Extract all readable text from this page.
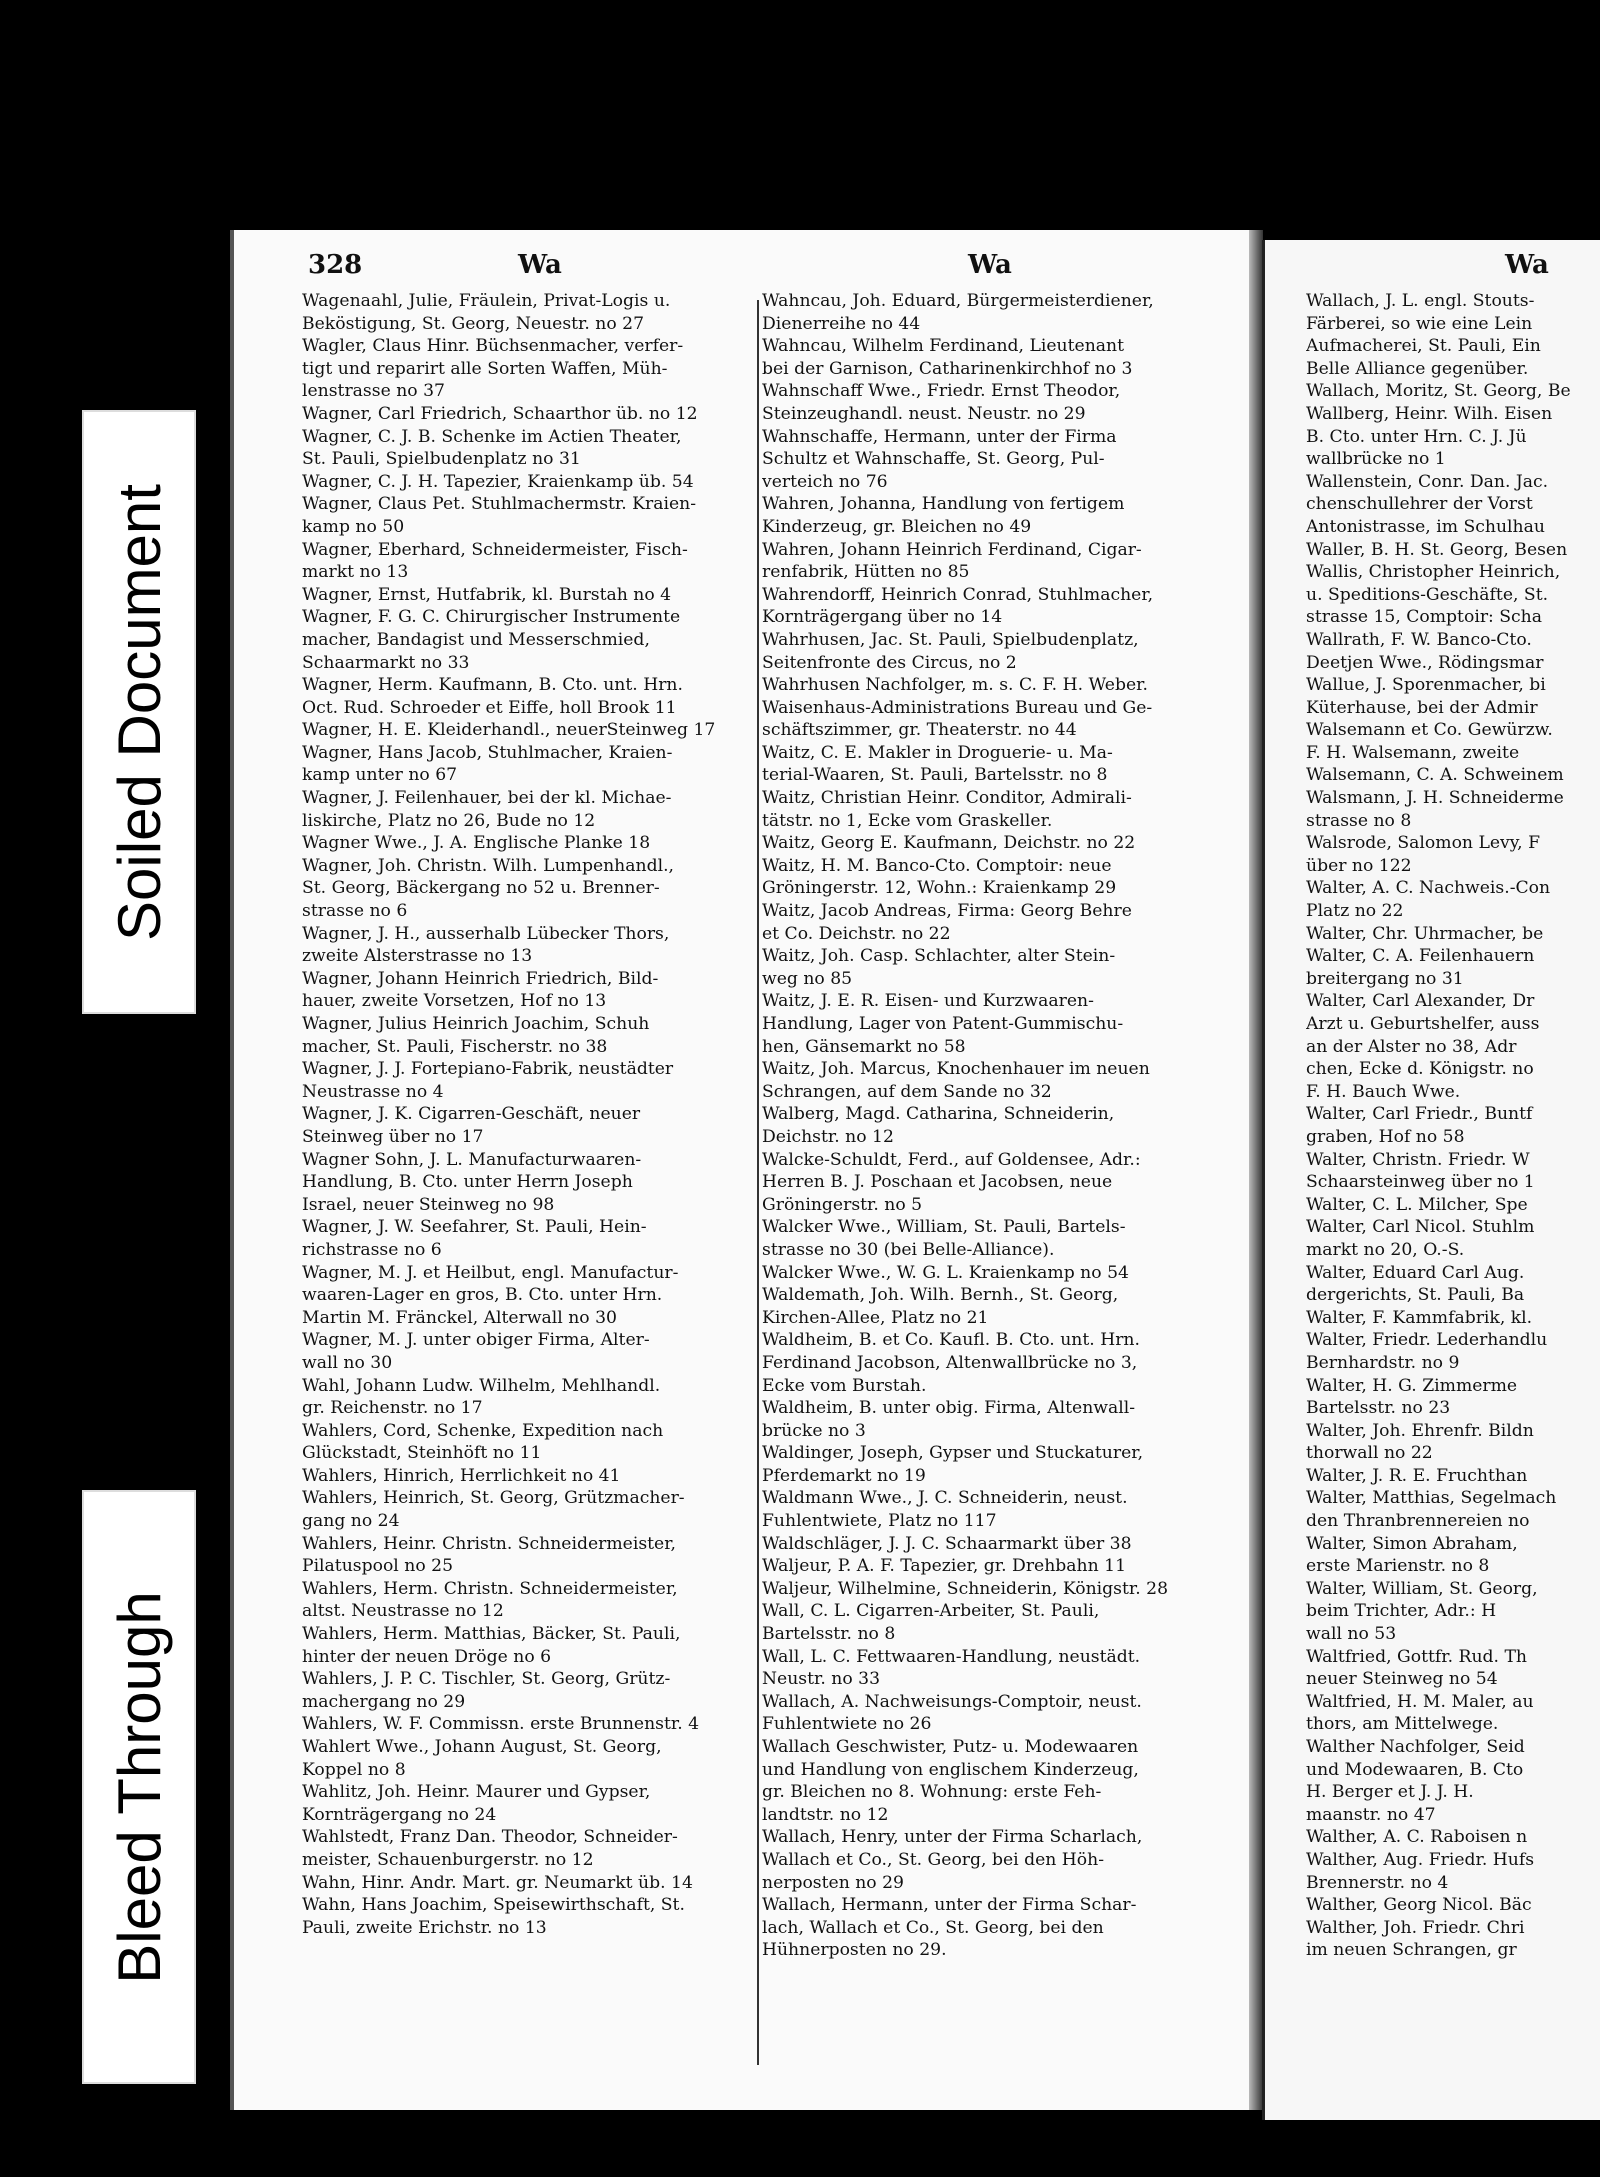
Soiled Document
Bleed Through
328	Wa	Wa	Wa
Wagenaahl, Julie, Fräulein, Privat-Logis u.
Beköstigung, St. Georg, Neuestr. no 27
Wagler, Claus Hinr. Büchsenmacher, verfer-
tigt und reparirt alle Sorten Waffen, Müh-
lenstrasse no 37
Wagner, Carl Friedrich, Schaarthor üb. no 12
Wagner, C. J. B. Schenke im Actien Theater,
St. Pauli, Spielbudenplatz no 31
Wagner, C. J. H. Tapezier, Kraienkamp üb. 54
Wagner, Claus Pet. Stuhlmachermstr. Kraien-
kamp no 50
Wagner, Eberhard, Schneidermeister, Fisch-
markt no 13
Wagner, Ernst, Hutfabrik, kl. Burstah no 4
Wagner, F. G. C. Chirurgischer Instrumente
macher, Bandagist und Messerschmied,
Schaarmarkt no 33
Wagner, Herm. Kaufmann, B. Cto. unt. Hrn.
Oct. Rud. Schroeder et Eiffe, holl Brook 11
Wagner, H. E. Kleiderhandl., neuerSteinweg 17
Wagner, Hans Jacob, Stuhlmacher, Kraien-
kamp unter no 67
Wagner, J. Feilenhauer, bei der kl. Michae-
liskirche, Platz no 26, Bude no 12
Wagner Wwe., J. A. Englische Planke 18
Wagner, Joh. Christn. Wilh. Lumpenhandl.,
St. Georg, Bäckergang no 52 u. Brenner-
strasse no 6
Wagner, J. H., ausserhalb Lübecker Thors,
zweite Alsterstrasse no 13
Wagner, Johann Heinrich Friedrich, Bild-
hauer, zweite Vorsetzen, Hof no 13
Wagner, Julius Heinrich Joachim, Schuh
macher, St. Pauli, Fischerstr. no 38
Wagner, J. J. Fortepiano-Fabrik, neustädter
Neustrasse no 4
Wagner, J. K. Cigarren-Geschäft, neuer
Steinweg über no 17
Wagner Sohn, J. L. Manufacturwaaren-
Handlung, B. Cto. unter Herrn Joseph
Israel, neuer Steinweg no 98
Wagner, J. W. Seefahrer, St. Pauli, Hein-
richstrasse no 6
Wagner, M. J. et Heilbut, engl. Manufactur-
waaren-Lager en gros, B. Cto. unter Hrn.
Martin M. Fränckel, Alterwall no 30
Wagner, M. J. unter obiger Firma, Alter-
wall no 30
Wahl, Johann Ludw. Wilhelm, Mehlhandl.
gr. Reichenstr. no 17
Wahlers, Cord, Schenke, Expedition nach
Glückstadt, Steinhöft no 11
Wahlers, Hinrich, Herrlichkeit no 41
Wahlers, Heinrich, St. Georg, Grützmacher-
gang no 24
Wahlers, Heinr. Christn. Schneidermeister,
Pilatuspool no 25
Wahlers, Herm. Christn. Schneidermeister,
altst. Neustrasse no 12
Wahlers, Herm. Matthias, Bäcker, St. Pauli,
hinter der neuen Dröge no 6
Wahlers, J. P. C. Tischler, St. Georg, Grütz-
machergang no 29
Wahlers, W. F. Commissn. erste Brunnenstr. 4
Wahlert Wwe., Johann August, St. Georg,
Koppel no 8
Wahlitz, Joh. Heinr. Maurer und Gypser,
Kornträgergang no 24
Wahlstedt, Franz Dan. Theodor, Schneider-
meister, Schauenburgerstr. no 12
Wahn, Hinr. Andr. Mart. gr. Neumarkt üb. 14
Wahn, Hans Joachim, Speisewirthschaft, St.
Pauli, zweite Erichstr. no 13
Wahncau, Joh. Eduard, Bürgermeisterdiener,
Dienerreihe no 44
Wahncau, Wilhelm Ferdinand, Lieutenant
bei der Garnison, Catharinenkirchhof no 3
Wahnschaff Wwe., Friedr. Ernst Theodor,
Steinzeughandl. neust. Neustr. no 29
Wahnschaffe, Hermann, unter der Firma
Schultz et Wahnschaffe, St. Georg, Pul-
verteich no 76
Wahren, Johanna, Handlung von fertigem
Kinderzeug, gr. Bleichen no 49
Wahren, Johann Heinrich Ferdinand, Cigar-
renfabrik, Hütten no 85
Wahrendorff, Heinrich Conrad, Stuhlmacher,
Kornträgergang über no 14
Wahrhusen, Jac. St. Pauli, Spielbudenplatz,
Seitenfronte des Circus, no 2
Wahrhusen Nachfolger, m. s. C. F. H. Weber.
Waisenhaus-Administrations Bureau und Ge-
schäftszimmer, gr. Theaterstr. no 44
Waitz, C. E. Makler in Droguerie- u. Ma-
terial-Waaren, St. Pauli, Bartelsstr. no 8
Waitz, Christian Heinr. Conditor, Admirali-
tätstr. no 1, Ecke vom Graskeller.
Waitz, Georg E. Kaufmann, Deichstr. no 22
Waitz, H. M. Banco-Cto. Comptoir: neue
Gröningerstr. 12, Wohn.: Kraienkamp 29
Waitz, Jacob Andreas, Firma: Georg Behre
et Co. Deichstr. no 22
Waitz, Joh. Casp. Schlachter, alter Stein-
weg no 85
Waitz, J. E. R. Eisen- und Kurzwaaren-
Handlung, Lager von Patent-Gummischu-
hen, Gänsemarkt no 58
Waitz, Joh. Marcus, Knochenhauer im neuen
Schrangen, auf dem Sande no 32
Walberg, Magd. Catharina, Schneiderin,
Deichstr. no 12
Walcke-Schuldt, Ferd., auf Goldensee, Adr.:
Herren B. J. Poschaan et Jacobsen, neue
Gröningerstr. no 5
Walcker Wwe., William, St. Pauli, Bartels-
strasse no 30 (bei Belle-Alliance).
Walcker Wwe., W. G. L. Kraienkamp no 54
Waldemath, Joh. Wilh. Bernh., St. Georg,
Kirchen-Allee, Platz no 21
Waldheim, B. et Co. Kaufl. B. Cto. unt. Hrn.
Ferdinand Jacobson, Altenwallbrücke no 3,
Ecke vom Burstah.
Waldheim, B. unter obig. Firma, Altenwall-
brücke no 3
Waldinger, Joseph, Gypser und Stuckaturer,
Pferdemarkt no 19
Waldmann Wwe., J. C. Schneiderin, neust.
Fuhlentwiete, Platz no 117
Waldschläger, J. J. C. Schaarmarkt über 38
Waljeur, P. A. F. Tapezier, gr. Drehbahn 11
Waljeur, Wilhelmine, Schneiderin, Königstr. 28
Wall, C. L. Cigarren-Arbeiter, St. Pauli,
Bartelsstr. no 8
Wall, L. C. Fettwaaren-Handlung, neustädt.
Neustr. no 33
Wallach, A. Nachweisungs-Comptoir, neust.
Fuhlentwiete no 26
Wallach Geschwister, Putz- u. Modewaaren
und Handlung von englischem Kinderzeug,
gr. Bleichen no 8. Wohnung: erste Feh-
landtstr. no 12
Wallach, Henry, unter der Firma Scharlach,
Wallach et Co., St. Georg, bei den Höh-
nerposten no 29
Wallach, Hermann, unter der Firma Schar-
lach, Wallach et Co., St. Georg, bei den
Hühnerposten no 29.
Wallach, J. L. engl. Stouts-
Färberei, so wie eine Lein
Aufmacherei, St. Pauli, Ein
Belle Alliance gegenüber.
Wallach, Moritz, St. Georg, Be
Wallberg, Heinr. Wilh. Eisen
B. Cto. unter Hrn. C. J. Jü
wallbrücke no 1
Wallenstein, Conr. Dan. Jac.
chenschullehrer der Vorst
Antonistrasse, im Schulhau
Waller, B. H. St. Georg, Besen
Wallis, Christopher Heinrich,
u. Speditions-Geschäfte, St.
strasse 15, Comptoir: Scha
Wallrath, F. W. Banco-Cto.
Deetjen Wwe., Rödingsmar
Wallue, J. Sporenmacher, bi
Küterhause, bei der Admir
Walsemann et Co. Gewürzw.
F. H. Walsemann, zweite
Walsemann, C. A. Schweinem
Walsmann, J. H. Schneiderme
strasse no 8
Walsrode, Salomon Levy, F
über no 122
Walter, A. C. Nachweis.-Con
Platz no 22
Walter, Chr. Uhrmacher, be
Walter, C. A. Feilenhauern
breitergang no 31
Walter, Carl Alexander, Dr
Arzt u. Geburtshelfer, auss
an der Alster no 38, Adr
chen, Ecke d. Königstr. no
F. H. Bauch Wwe.
Walter, Carl Friedr., Buntf
graben, Hof no 58
Walter, Christn. Friedr. W
Schaarsteinweg über no 1
Walter, C. L. Milcher, Spe
Walter, Carl Nicol. Stuhlm
markt no 20, O.-S.
Walter, Eduard Carl Aug.
dergerichts, St. Pauli, Ba
Walter, F. Kammfabrik, kl.
Walter, Friedr. Lederhandlu
Bernhardstr. no 9
Walter, H. G. Zimmerme
Bartelsstr. no 23
Walter, Joh. Ehrenfr. Bildn
thorwall no 22
Walter, J. R. E. Fruchthan
Walter, Matthias, Segelmach
den Thranbrennereien no
Walter, Simon Abraham,
erste Marienstr. no 8
Walter, William, St. Georg,
beim Trichter, Adr.: H
wall no 53
Waltfried, Gottfr. Rud. Th
neuer Steinweg no 54
Waltfried, H. M. Maler, au
thors, am Mittelwege.
Walther Nachfolger, Seid
und Modewaaren, B. Cto
H. Berger et J. J. H.
maanstr. no 47
Walther, A. C. Raboisen n
Walther, Aug. Friedr. Hufs
Brennerstr. no 4
Walther, Georg Nicol. Bäc
Walther, Joh. Friedr. Chri
im neuen Schrangen, gr
